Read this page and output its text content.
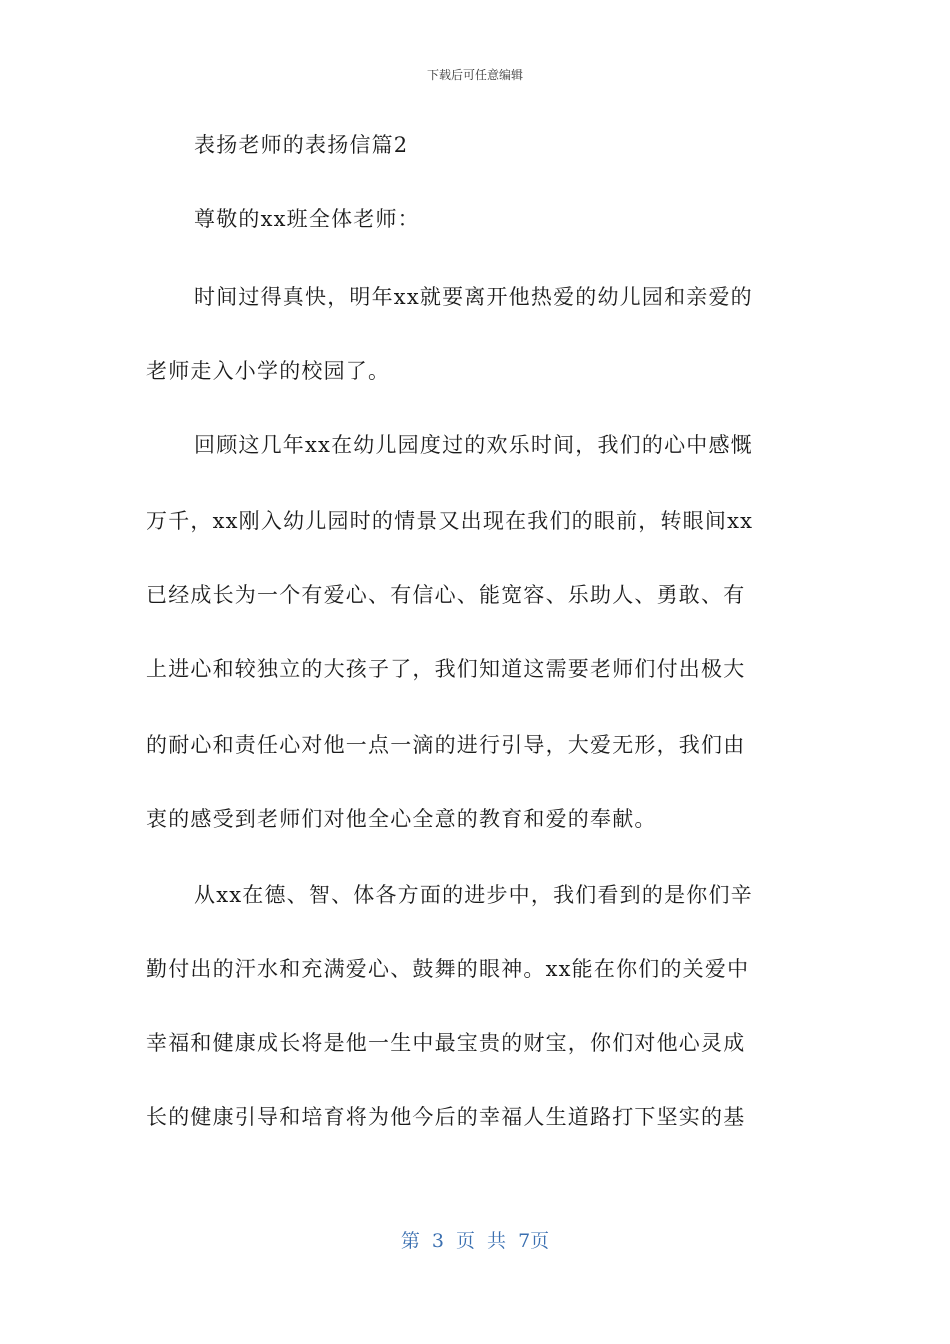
下载后可任意编辑
表扬老师的表扬信篇2
尊敬的xx班全体老师：
时间过得真快，明年xx就要离开他热爱的幼儿园和亲爱的
老师走入小学的校园了。
回顾这几年xx在幼儿园度过的欢乐时间，我们的心中感慨
万千，xx刚入幼儿园时的情景又出现在我们的眼前，转眼间xx
已经成长为一个有爱心、有信心、能宽容、乐助人、勇敢、有
上进心和较独立的大孩子了，我们知道这需要老师们付出极大
的耐心和责任心对他一点一滴的进行引导，大爱无形，我们由
衷的感受到老师们对他全心全意的教育和爱的奉献。
从xx在德、智、体各方面的进步中，我们看到的是你们辛
勤付出的汗水和充满爱心、鼓舞的眼神。xx能在你们的关爱中
幸福和健康成长将是他一生中最宝贵的财宝，你们对他心灵成
长的健康引导和培育将为他今后的幸福人生道路打下坚实的基
第 3 页 共 7页
